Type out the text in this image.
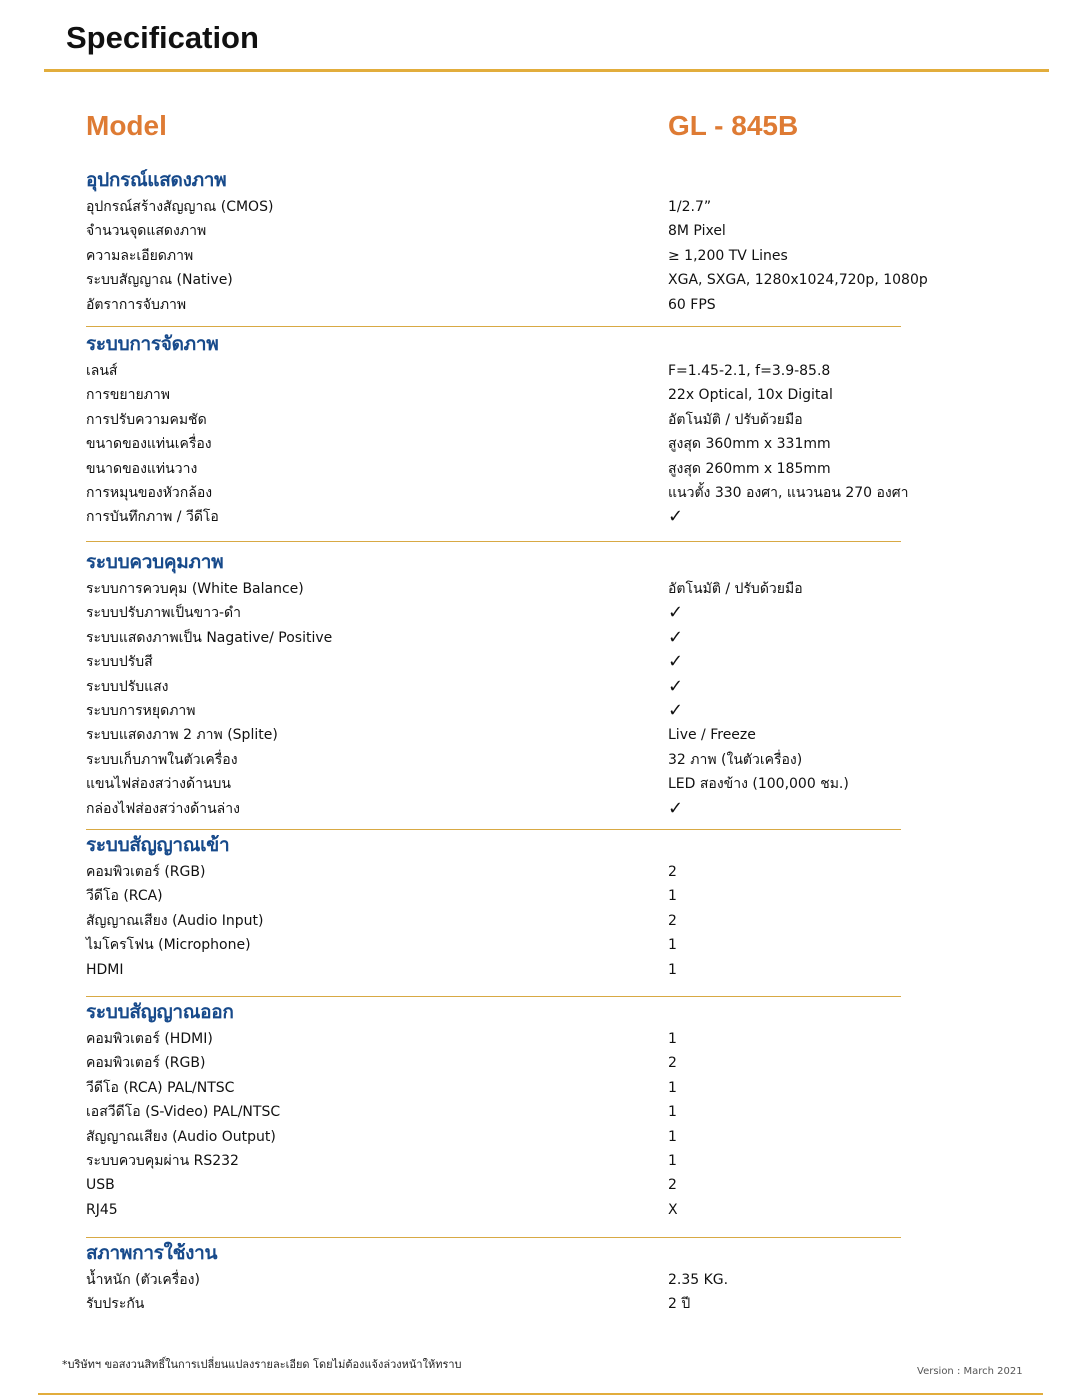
Specification
Model	GL - 845B
อุปกรณ์แสดงภาพ
อุปกรณ์สร้างสัญญาณ (CMOS)	1/2.7”
จำนวนจุดแสดงภาพ	8M Pixel
ความละเอียดภาพ	≥ 1,200 TV Lines
ระบบสัญญาณ (Native)	XGA, SXGA, 1280x1024,720p, 1080p
อัตราการจับภาพ	60 FPS
ระบบการจัดภาพ
เลนส์	F=1.45-2.1, f=3.9-85.8
การขยายภาพ	22x Optical, 10x Digital
การปรับความคมชัด	อัตโนมัติ / ปรับด้วยมือ
ขนาดของแท่นเครื่อง	สูงสุด 360mm x 331mm
ขนาดของแท่นวาง	สูงสุด 260mm x 185mm
การหมุนของหัวกล้อง	แนวตั้ง 330 องศา, แนวนอน 270 องศา
การบันทึกภาพ / วีดีโอ	✓
ระบบควบคุมภาพ
ระบบการควบคุม (White Balance)	อัตโนมัติ / ปรับด้วยมือ
ระบบปรับภาพเป็นขาว-ดำ	✓
ระบบแสดงภาพเป็น Nagative/ Positive	✓
ระบบปรับสี	✓
ระบบปรับแสง	✓
ระบบการหยุดภาพ	✓
ระบบแสดงภาพ 2 ภาพ (Splite)	Live / Freeze
ระบบเก็บภาพในตัวเครื่อง	32 ภาพ (ในตัวเครื่อง)
แขนไฟส่องสว่างด้านบน	LED สองข้าง (100,000 ชม.)
กล่องไฟส่องสว่างด้านล่าง	✓
ระบบสัญญาณเข้า
คอมพิวเตอร์ (RGB)	2
วีดีโอ (RCA)	1
สัญญาณเสียง (Audio Input)	2
ไมโครโฟน (Microphone)	1
HDMI	1
ระบบสัญญาณออก
คอมพิวเตอร์ (HDMI)	1
คอมพิวเตอร์ (RGB)	2
วีดีโอ (RCA) PAL/NTSC	1
เอสวีดีโอ (S-Video) PAL/NTSC	1
สัญญาณเสียง (Audio Output)	1
ระบบควบคุมผ่าน RS232	1
USB	2
RJ45	X
สภาพการใช้งาน
น้ำหนัก (ตัวเครื่อง)	2.35 KG.
รับประกัน	2 ปี
*บริษัทฯ ขอสงวนสิทธิ์ในการเปลี่ยนแปลงรายละเอียด โดยไม่ต้องแจ้งล่วงหน้าให้ทราบ
Version : March 2021
